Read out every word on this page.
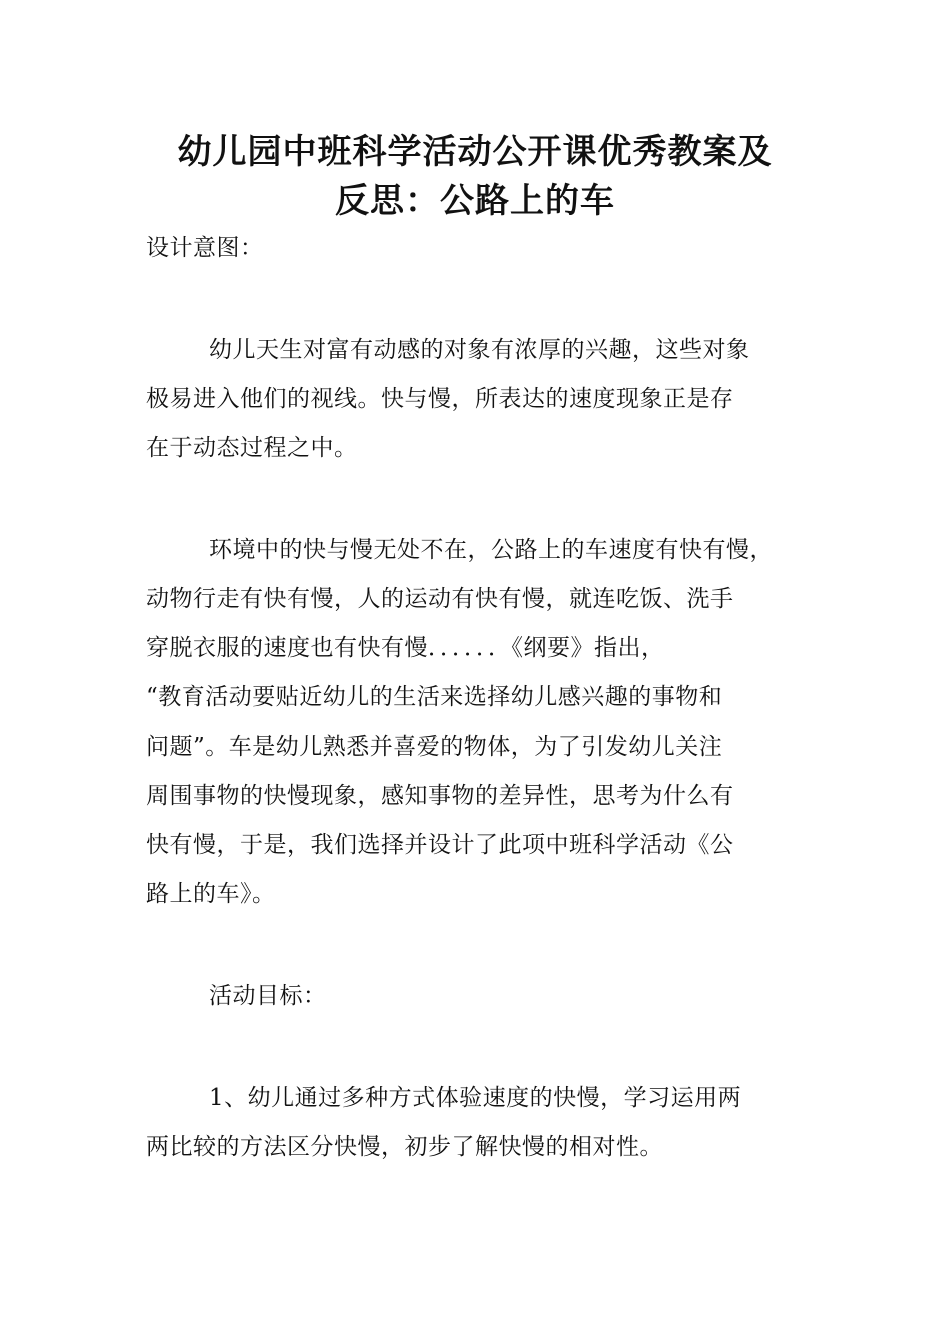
幼儿园中班科学活动公开课优秀教案及
反思：公路上的车
设计意图：
幼儿天生对富有动感的对象有浓厚的兴趣，这些对象
极易进入他们的视线。快与慢，所表达的速度现象正是存
在于动态过程之中。
环境中的快与慢无处不在，公路上的车速度有快有慢，
动物行走有快有慢，人的运动有快有慢，就连吃饭、洗手
穿脱衣服的速度也有快有慢．．．．．．《纲要》指出，
“教育活动要贴近幼儿的生活来选择幼儿感兴趣的事物和
问题”。车是幼儿熟悉并喜爱的物体，为了引发幼儿关注
周围事物的快慢现象，感知事物的差异性，思考为什么有
快有慢，于是，我们选择并设计了此项中班科学活动《公
路上的车》。
活动目标：
1、幼儿通过多种方式体验速度的快慢，学习运用两
两比较的方法区分快慢，初步了解快慢的相对性。
